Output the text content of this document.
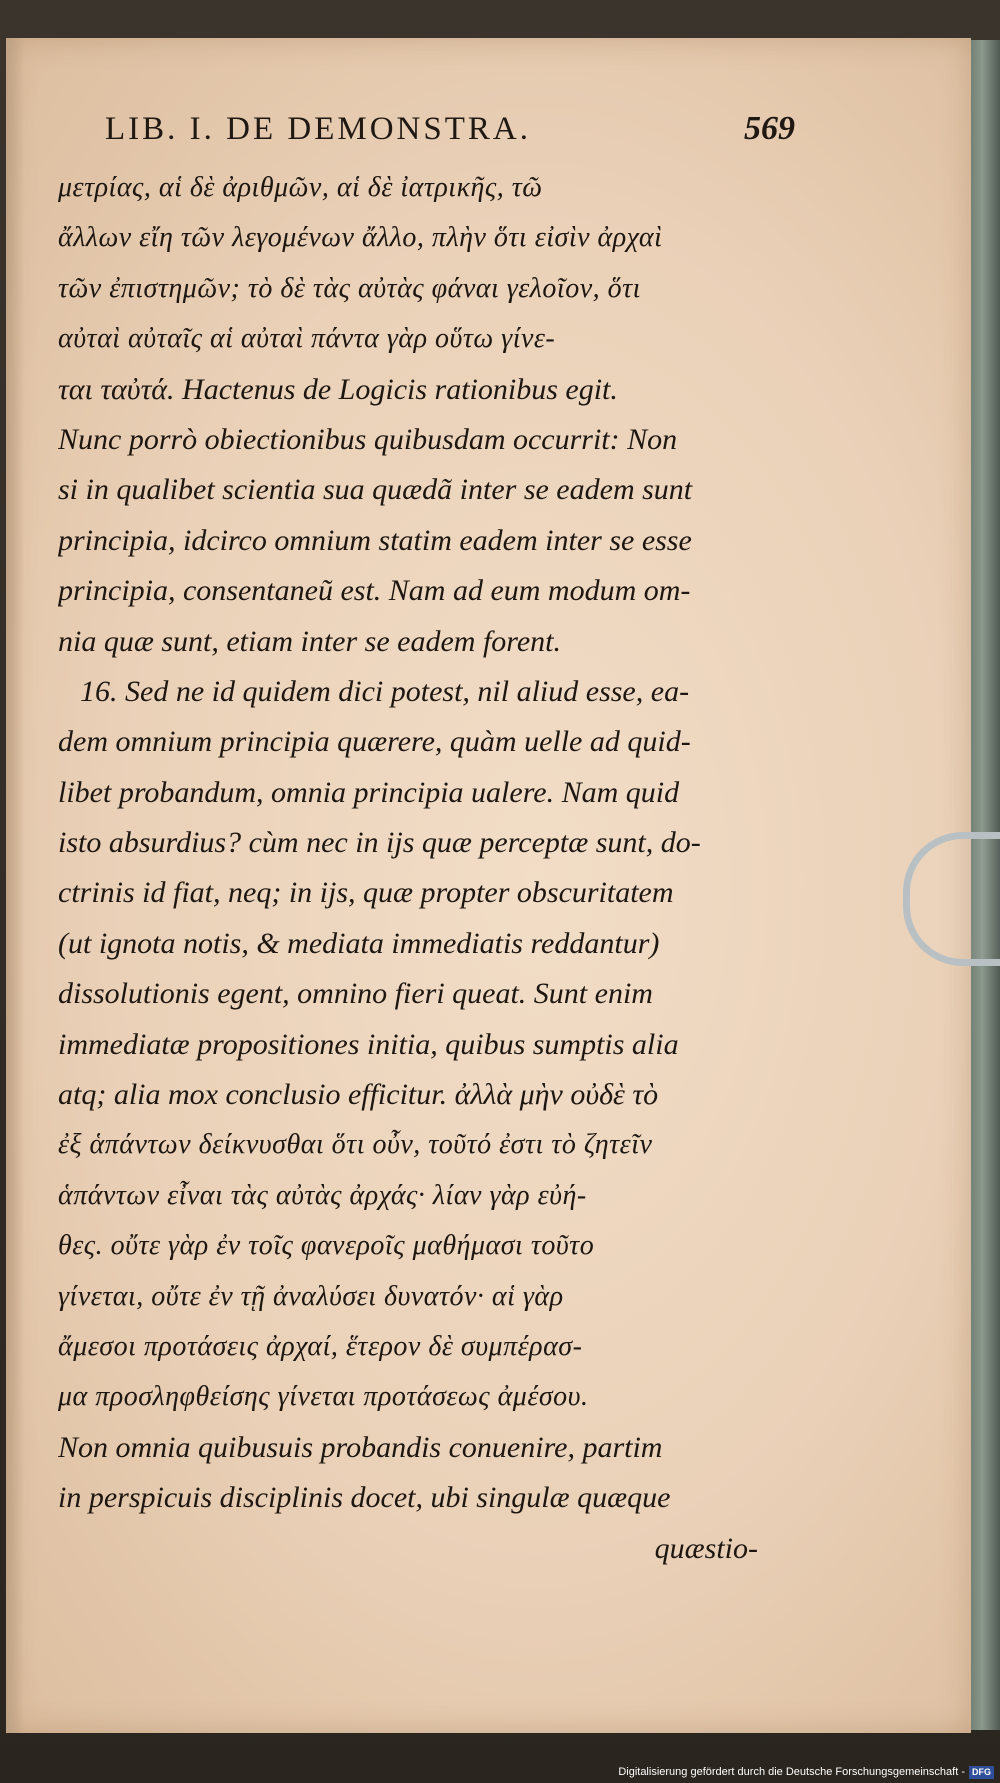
LIB. I. DE DEMONSTRA.	569
μετρίας, αἱ δὲ ἀριθμῶν, αἱ δὲ ἰατρικῆς, τῶ
ἄλλων εἴη τῶν λεγομένων ἄλλο, πλὴν ὅτι εἰσὶν ἀρχαὶ
τῶν ἐπιστημῶν; τὸ δὲ τὰς αὐτὰς φάναι γελοῖον, ὅτι
αὐταὶ αὐταῖς αἱ αὐταὶ πάντα γὰρ οὕτω γίνε-
ται ταὐτά. Hactenus de Logicis rationibus egit.
Nunc porrò obiectionibus quibusdam occurrit: Non
si in qualibet scientia sua quædã inter se eadem sunt
principia, idcirco omnium statim eadem inter se esse
principia, consentaneũ est. Nam ad eum modum om-
nia quæ sunt, etiam inter se eadem forent.
16. Sed ne id quidem dici potest, nil aliud esse, ea-
dem omnium principia quærere, quàm uelle ad quid-
libet probandum, omnia principia ualere. Nam quid
isto absurdius? cùm nec in ijs quæ perceptæ sunt, do-
ctrinis id fiat, neq; in ijs, quæ propter obscuritatem
(ut ignota notis, & mediata immediatis reddantur)
dissolutionis egent, omnino fieri queat. Sunt enim
immediatæ propositiones initia, quibus sumptis alia
atq; alia mox conclusio efficitur. ἀλλὰ μὴν οὐδὲ τὸ
ἐξ ἁπάντων δείκνυσθαι ὅτι οὖν, τοῦτό ἐστι τὸ ζητεῖν
ἁπάντων εἶναι τὰς αὐτὰς ἀρχάς· λίαν γὰρ εὐή-
θες. οὔτε γὰρ ἐν τοῖς φανεροῖς μαθήμασι τοῦτο
γίνεται, οὔτε ἐν τῇ ἀναλύσει δυνατόν· αἱ γὰρ
ἄμεσοι προτάσεις ἀρχαί, ἕτερον δὲ συμπέρασ-
μα προσληφθείσης γίνεται προτάσεως ἀμέσου.
Non omnia quibusuis probandis conuenire, partim
in perspicuis disciplinis docet, ubi singulæ quæque
quæstio-
Digitalisierung gefördert durch die Deutsche Forschungsgemeinschaft - DFG
